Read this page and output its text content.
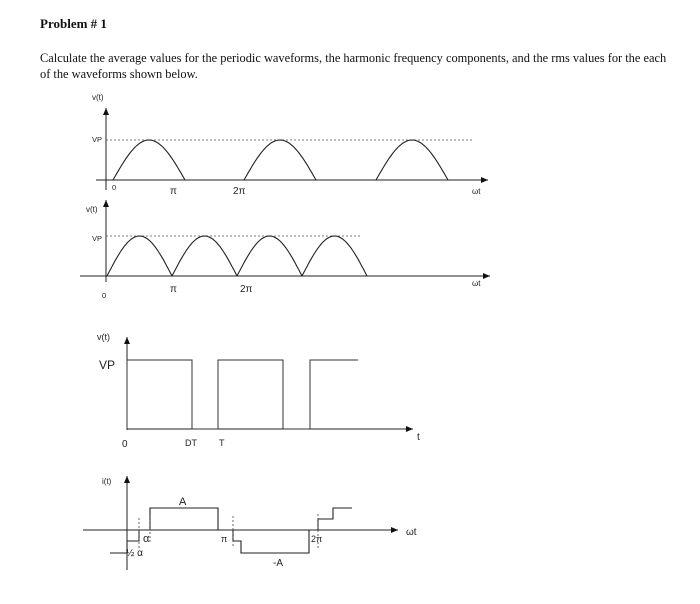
Problem # 1
Calculate the average values for the periodic waveforms, the harmonic frequency components, and the rms values for the each of the waveforms shown below.
v(t)
VP
0	π	2π	ωt
v(t)
VP
0
π	2π
ωt
v(t)
VP
0	DT T	t
i(t)
α
½ α
A
-A
π	2π
ωt
